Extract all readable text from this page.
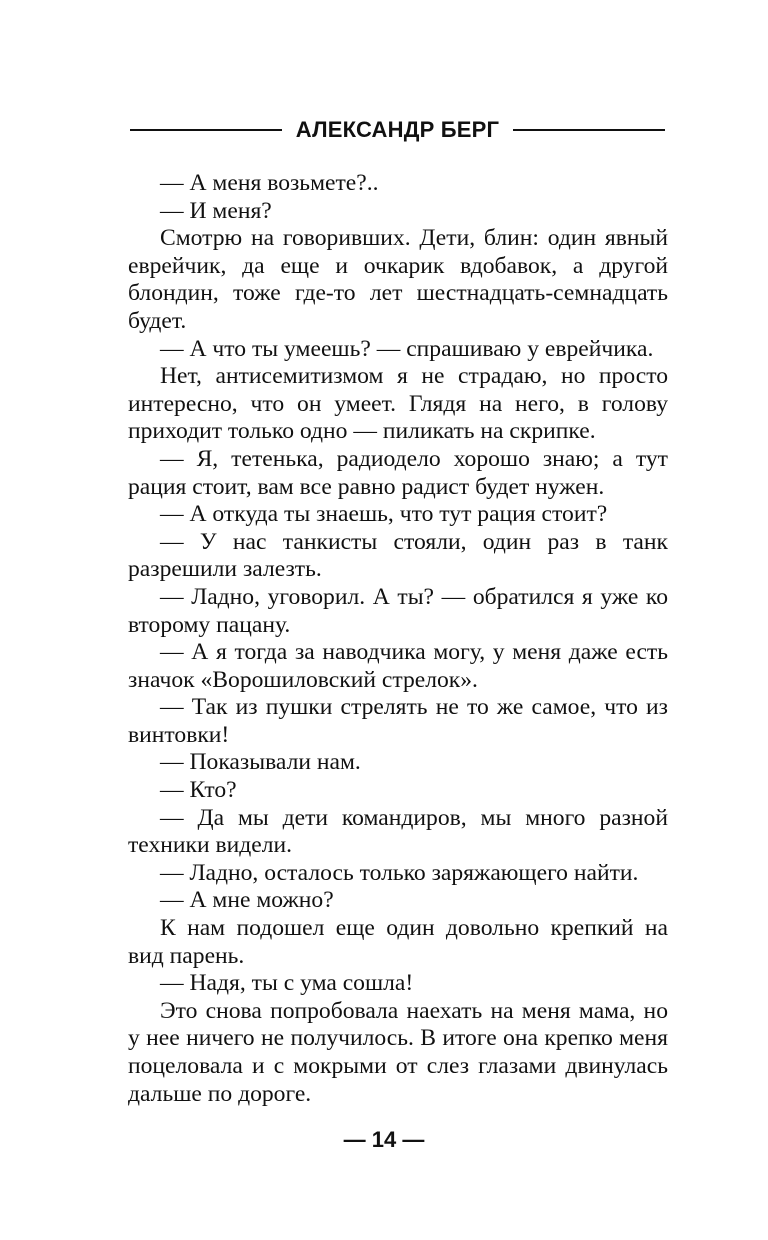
АЛЕКСАНДР БЕРГ

— А меня возьмете?..

— И меня?

Смотрю на говоривших. Дети, блин: один явный еврейчик, да еще и очкарик вдобавок, а другой блондин, тоже где-то лет шестнадцать-семнадцать будет.

— А что ты умеешь? — спрашиваю у еврейчика.

Нет, антисемитизмом я не страдаю, но просто интересно, что он умеет. Глядя на него, в голову приходит только одно — пиликать на скрипке.

— Я, тетенька, радиоделo хорошо знаю; а тут рация стоит, вам все равно радист будет нужен.

— А откуда ты знаешь, что тут рация стоит?

— У нас танкисты стояли, один раз в танк разрешили залезть.

— Ладно, уговорил. А ты? — обратился я уже ко второму пацану.

— А я тогда за наводчика могу, у меня даже есть значок «Ворошиловский стрелок».

— Так из пушки стрелять не то же самое, что из винтовки!

— Показывали нам.

— Кто?

— Да мы дети командиров, мы много разной техники видели.

— Ладно, осталось только заряжающего найти.

— А мне можно?

К нам подошел еще один довольно крепкий на вид парень.

— Надя, ты с ума сошла!

Это снова попробовала наехать на меня мама, но у нее ничего не получилось. В итоге она крепко меня поцеловала и с мокрыми от слез глазами двинулась дальше по дороге.

— 14 —
